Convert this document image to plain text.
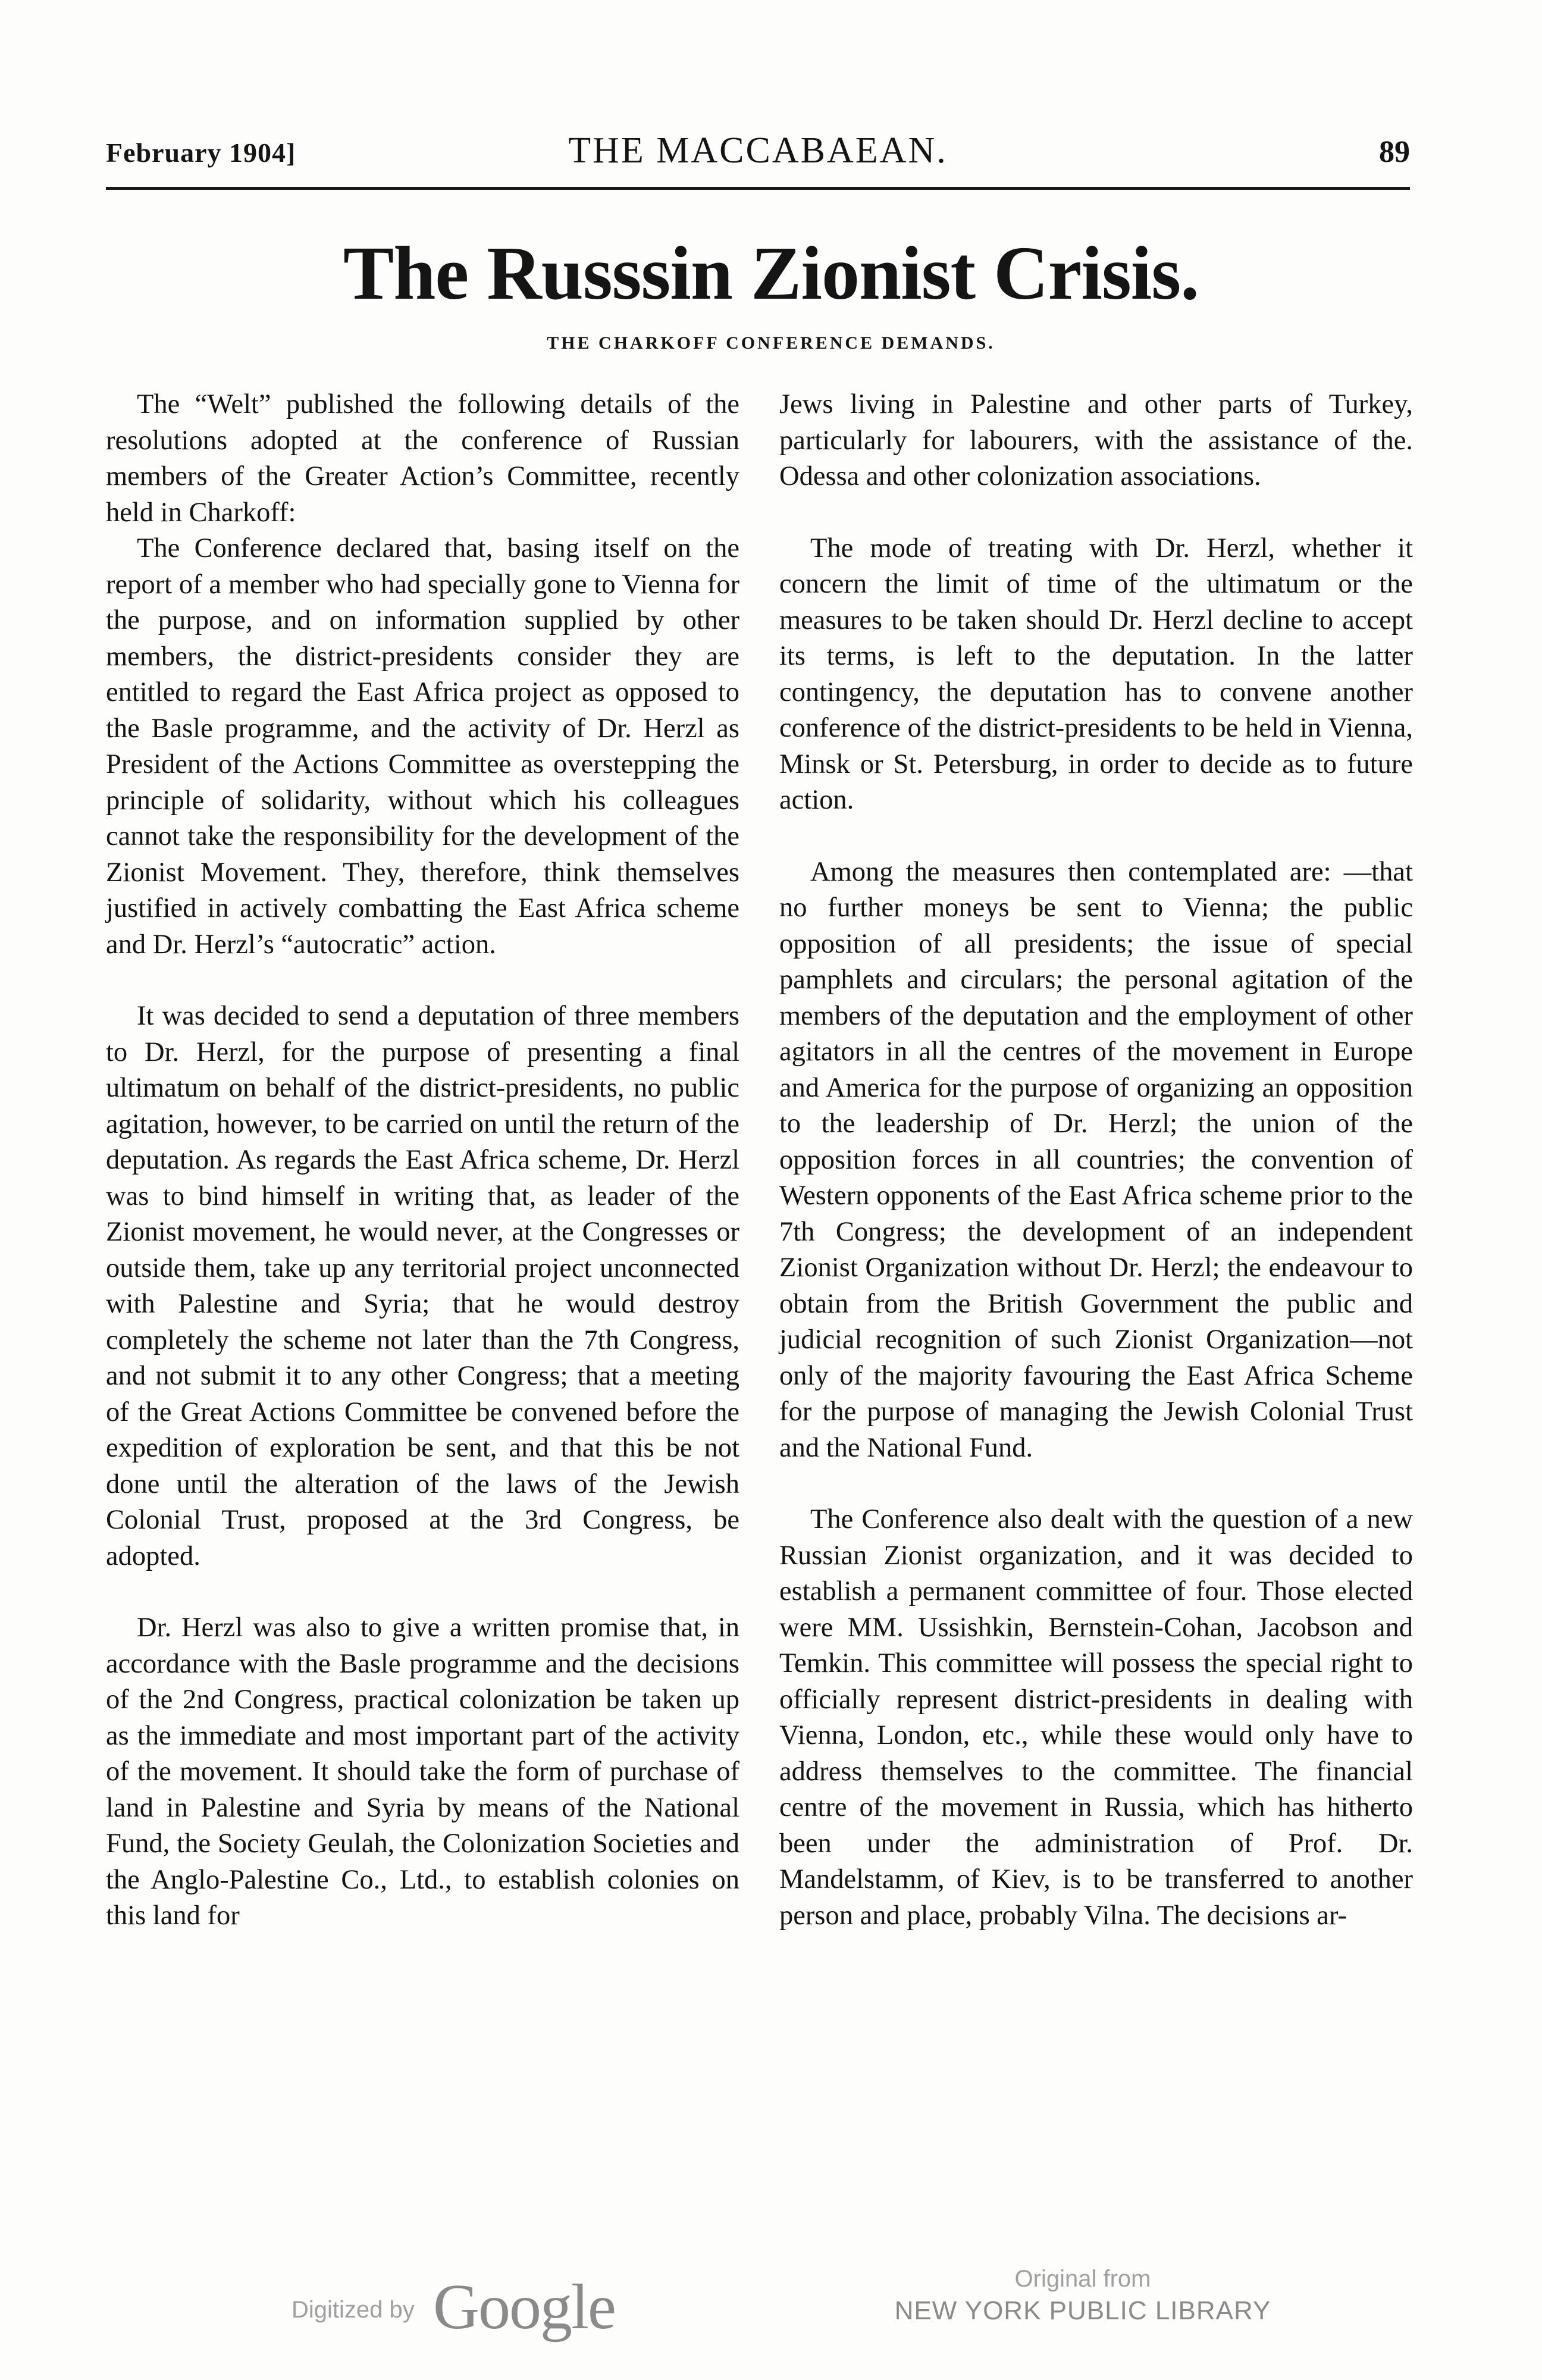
February 1904]	THE MACCABAEAN.	89
The Russsin Zionist Crisis.
THE CHARKOFF CONFERENCE DEMANDS.

The “Welt” published the following details of the resolutions adopted at the conference of Russian members of the Greater Action’s Committee, recently held in Charkoff:

The Conference declared that, basing itself on the report of a member who had specially gone to Vienna for the purpose, and on information supplied by other members, the district-presidents consider they are entitled to regard the East Africa project as opposed to the Basle programme, and the activity of Dr. Herzl as President of the Actions Committee as overstepping the principle of solidarity, without which his colleagues cannot take the responsibility for the development of the Zionist Movement. They, therefore, think themselves justified in actively combatting the East Africa scheme and Dr. Herzl’s “autocratic” action.

It was decided to send a deputation of three members to Dr. Herzl, for the purpose of presenting a final ultimatum on behalf of the district-presidents, no public agitation, however, to be carried on until the return of the deputation. As regards the East Africa scheme, Dr. Herzl was to bind himself in writing that, as leader of the Zionist movement, he would never, at the Congresses or outside them, take up any territorial project unconnected with Palestine and Syria; that he would destroy completely the scheme not later than the 7th Congress, and not submit it to any other Congress; that a meeting of the Great Actions Committee be convened before the expedition of exploration be sent, and that this be not done until the alteration of the laws of the Jewish Colonial Trust, proposed at the 3rd Congress, be adopted.

Dr. Herzl was also to give a written promise that, in accordance with the Basle programme and the decisions of the 2nd Congress, practical colonization be taken up as the immediate and most important part of the activity of the movement. It should take the form of purchase of land in Palestine and Syria by means of the National Fund, the Society Geulah, the Colonization Societies and the Anglo-Palestine Co., Ltd., to establish colonies on this land for

Jews living in Palestine and other parts of Turkey, particularly for labourers, with the assistance of the. Odessa and other colonization associations.

The mode of treating with Dr. Herzl, whether it concern the limit of time of the ultimatum or the measures to be taken should Dr. Herzl decline to accept its terms, is left to the deputation. In the latter contingency, the deputation has to convene another conference of the district-presidents to be held in Vienna, Minsk or St. Petersburg, in order to decide as to future action.

Among the measures then contemplated are: —that no further moneys be sent to Vienna; the public opposition of all presidents; the issue of special pamphlets and circulars; the personal agitation of the members of the deputation and the employment of other agitators in all the centres of the movement in Europe and America for the purpose of organizing an opposition to the leadership of Dr. Herzl; the union of the opposition forces in all countries; the convention of Western opponents of the East Africa scheme prior to the 7th Congress; the development of an independent Zionist Organization without Dr. Herzl; the endeavour to obtain from the British Government the public and judicial recognition of such Zionist Organization—not only of the majority favouring the East Africa Scheme for the purpose of managing the Jewish Colonial Trust and the National Fund.

The Conference also dealt with the question of a new Russian Zionist organization, and it was decided to establish a permanent committee of four. Those elected were MM. Ussishkin, Bernstein-Cohan, Jacobson and Temkin. This committee will possess the special right to officially represent district-presidents in dealing with Vienna, London, etc., while these would only have to address themselves to the committee. The financial centre of the movement in Russia, which has hitherto been under the administration of Prof. Dr. Mandelstamm, of Kiev, is to be transferred to another person and place, probably Vilna. The decisions ar-

Digitized by Google	Original from
NEW YORK PUBLIC LIBRARY
